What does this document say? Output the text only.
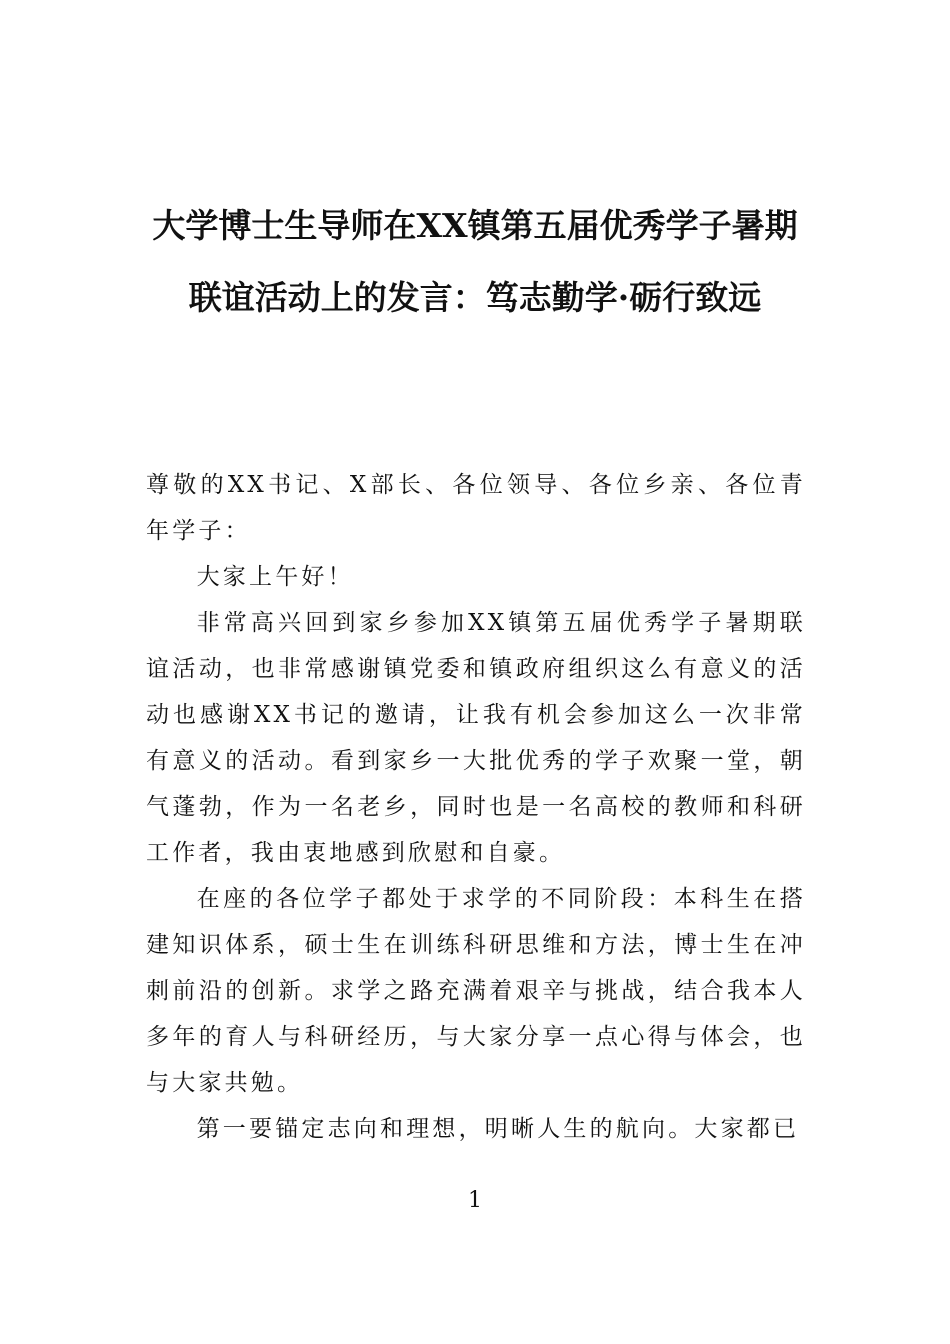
大学博士生导师在XX镇第五届优秀学子暑期联谊活动上的发言：笃志勤学·砺行致远

尊敬的XX书记、X部长、各位领导、各位乡亲、各位青年学子：

大家上午好！

非常高兴回到家乡参加XX镇第五届优秀学子暑期联谊活动，也非常感谢镇党委和镇政府组织这么有意义的活动也感谢XX书记的邀请，让我有机会参加这么一次非常有意义的活动。看到家乡一大批优秀的学子欢聚一堂，朝气蓬勃，作为一名老乡，同时也是一名高校的教师和科研工作者，我由衷地感到欣慰和自豪。

在座的各位学子都处于求学的不同阶段：本科生在搭建知识体系，硕士生在训练科研思维和方法，博士生在冲刺前沿的创新。求学之路充满着艰辛与挑战，结合我本人多年的育人与科研经历，与大家分享一点心得与体会，也与大家共勉。

第一要锚定志向和理想，明晰人生的航向。大家都已

1
